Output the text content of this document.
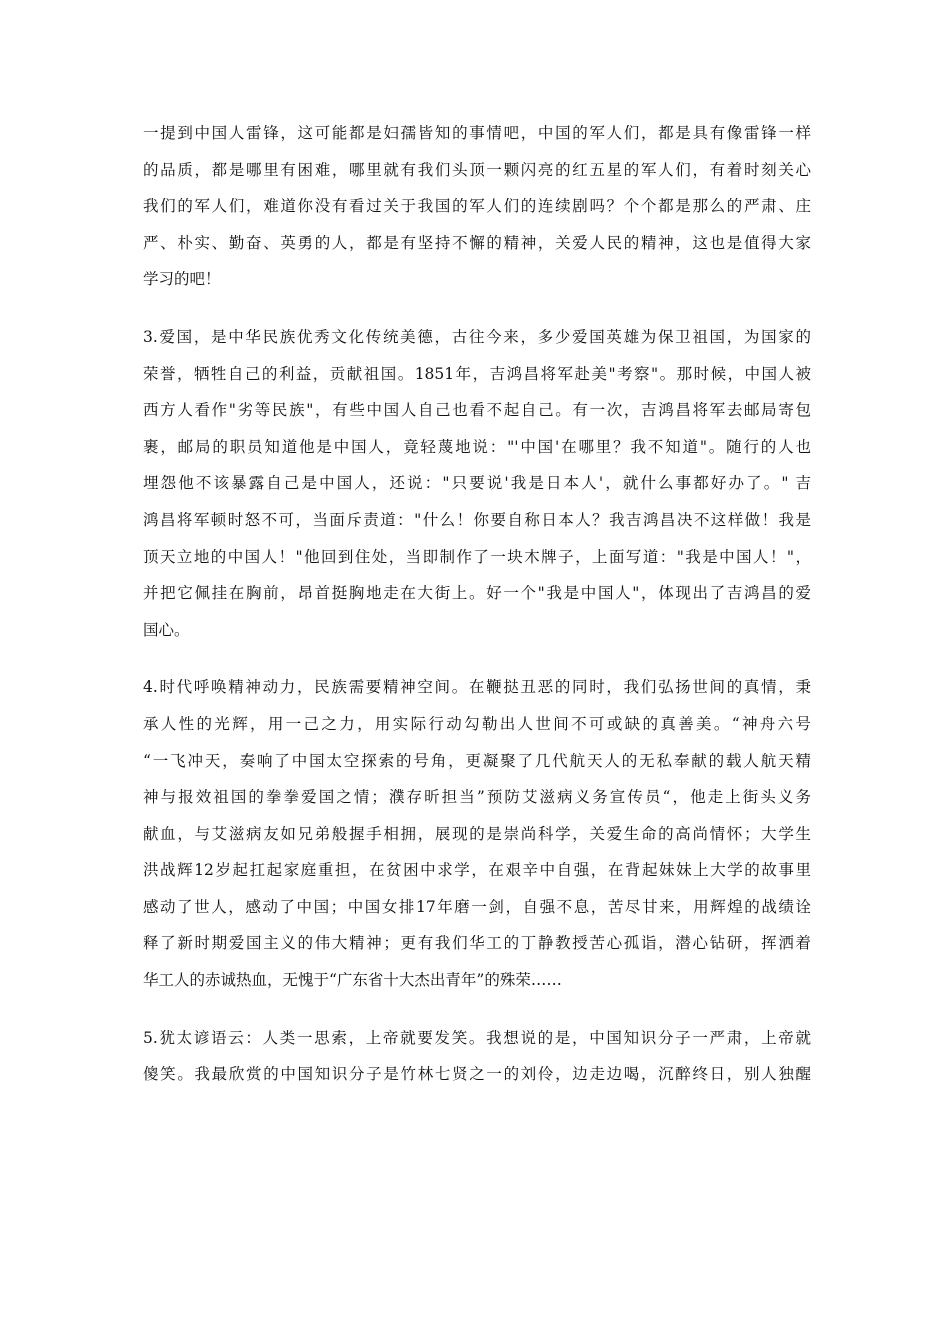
一提到中国人雷锋，这可能都是妇孺皆知的事情吧，中国的军人们，都是具有像雷锋一样
的品质，都是哪里有困难，哪里就有我们头顶一颗闪亮的红五星的军人们，有着时刻关心
我们的军人们，难道你没有看过关于我国的军人们的连续剧吗？个个都是那么的严肃、庄
严、朴实、勤奋、英勇的人，都是有坚持不懈的精神，关爱人民的精神，这也是值得大家
学习的吧！
3.爱国，是中华民族优秀文化传统美德，古往今来，多少爱国英雄为保卫祖国，为国家的
荣誉，牺牲自己的利益，贡献祖国。1851年，吉鸿昌将军赴美"考察"。那时候，中国人被
西方人看作"劣等民族"，有些中国人自己也看不起自己。有一次，吉鸿昌将军去邮局寄包
裹，邮局的职员知道他是中国人，竟轻蔑地说："'中国'在哪里？我不知道"。随行的人也
埋怨他不该暴露自己是中国人，还说："只要说'我是日本人'，就什么事都好办了。" 吉
鸿昌将军顿时怒不可，当面斥责道："什么！你要自称日本人？我吉鸿昌决不这样做！我是
顶天立地的中国人！"他回到住处，当即制作了一块木牌子，上面写道："我是中国人！"，
并把它佩挂在胸前，昂首挺胸地走在大街上。好一个"我是中国人"，体现出了吉鸿昌的爱
国心。
4.时代呼唤精神动力，民族需要精神空间。在鞭挞丑恶的同时，我们弘扬世间的真情，秉
承人性的光辉，用一己之力，用实际行动勾勒出人世间不可或缺的真善美。“神舟六号
“一飞冲天，奏响了中国太空探索的号角，更凝聚了几代航天人的无私奉献的载人航天精
神与报效祖国的拳拳爱国之情；濮存昕担当”预防艾滋病义务宣传员“，他走上街头义务
献血，与艾滋病友如兄弟般握手相拥，展现的是崇尚科学，关爱生命的高尚情怀；大学生
洪战辉12岁起扛起家庭重担，在贫困中求学，在艰辛中自强，在背起妹妹上大学的故事里
感动了世人，感动了中国；中国女排17年磨一剑，自强不息，苦尽甘来，用辉煌的战绩诠
释了新时期爱国主义的伟大精神；更有我们华工的丁静教授苦心孤诣，潜心钻研，挥洒着
华工人的赤诚热血，无愧于“广东省十大杰出青年”的殊荣……
5.犹太谚语云：人类一思索，上帝就要发笑。我想说的是，中国知识分子一严肃，上帝就
傻笑。我最欣赏的中国知识分子是竹林七贤之一的刘伶，边走边喝，沉醉终日，别人独醒
